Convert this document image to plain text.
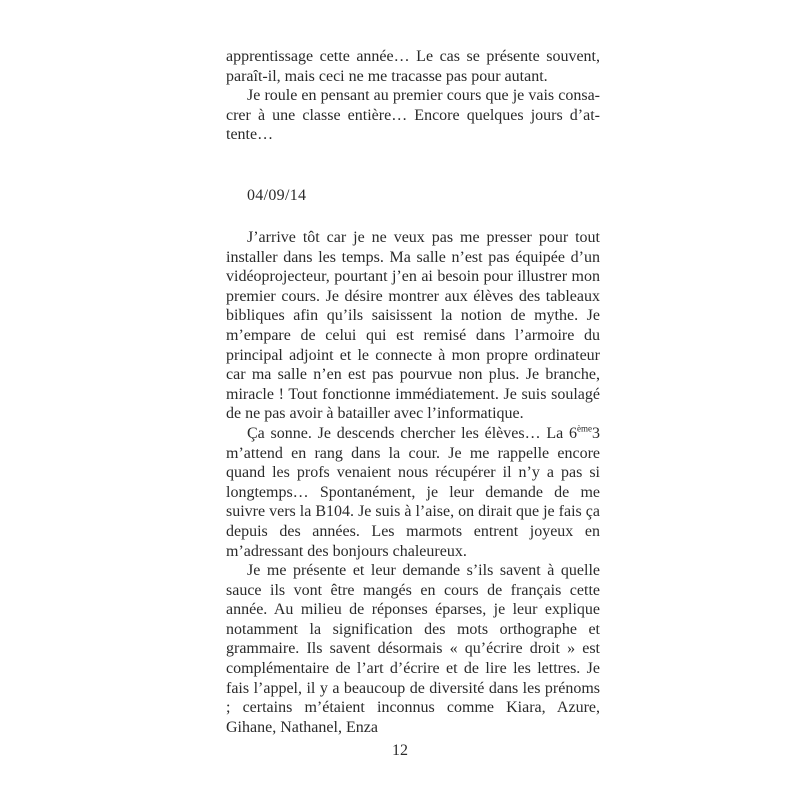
apprentissage cette année… Le cas se présente souvent, paraît-il, mais ceci ne me tracasse pas pour autant.

Je roule en pensant au premier cours que je vais consacrer à une classe entière… Encore quelques jours d’attente…

04/09/14

J’arrive tôt car je ne veux pas me presser pour tout installer dans les temps. Ma salle n’est pas équipée d’un vidéoprojecteur, pourtant j’en ai besoin pour illustrer mon premier cours. Je désire montrer aux élèves des tableaux bibliques afin qu’ils saisissent la notion de mythe. Je m’empare de celui qui est remisé dans l’armoire du principal adjoint et le connecte à mon propre ordinateur car ma salle n’en est pas pourvue non plus. Je branche, miracle ! Tout fonctionne immédiatement. Je suis soulagé de ne pas avoir à batailler avec l’informatique.

Ça sonne. Je descends chercher les élèves… La 6ème3 m’attend en rang dans la cour. Je me rappelle encore quand les profs venaient nous récupérer il n’y a pas si longtemps… Spontanément, je leur demande de me suivre vers la B104. Je suis à l’aise, on dirait que je fais ça depuis des années. Les marmots entrent joyeux en m’adressant des bonjours chaleureux.

Je me présente et leur demande s’ils savent à quelle sauce ils vont être mangés en cours de français cette année. Au milieu de réponses éparses, je leur explique notamment la signification des mots orthographe et grammaire. Ils savent désormais « qu’écrire droit » est complémentaire de l’art d’écrire et de lire les lettres. Je fais l’appel, il y a beaucoup de diversité dans les prénoms ; certains m’étaient inconnus comme Kiara, Azure, Gihane, Nathanel, Enza

12
